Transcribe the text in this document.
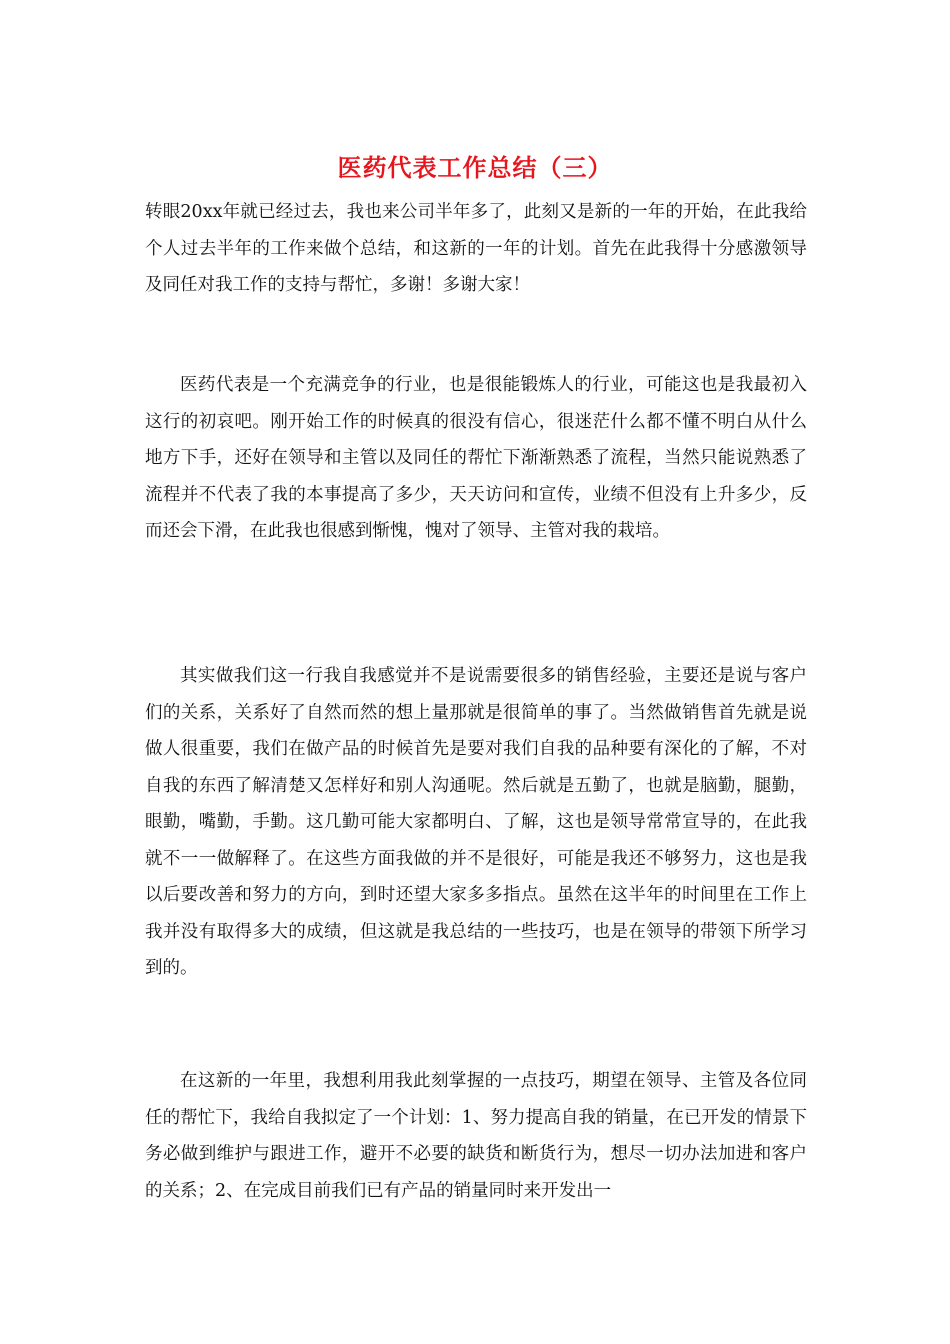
医药代表工作总结（三）

转眼20xx年就已经过去，我也来公司半年多了，此刻又是新的一年的开始，在此我给个人过去半年的工作来做个总结，和这新的一年的计划。首先在此我得十分感激领导及同任对我工作的支持与帮忙，多谢！多谢大家！

医药代表是一个充满竞争的行业，也是很能锻炼人的行业，可能这也是我最初入这行的初哀吧。刚开始工作的时候真的很没有信心，很迷茫什么都不懂不明白从什么地方下手，还好在领导和主管以及同任的帮忙下渐渐熟悉了流程，当然只能说熟悉了流程并不代表了我的本事提高了多少，天天访问和宣传，业绩不但没有上升多少，反而还会下滑，在此我也很感到惭愧，愧对了领导、主管对我的栽培。

其实做我们这一行我自我感觉并不是说需要很多的销售经验，主要还是说与客户们的关系，关系好了自然而然的想上量那就是很简单的事了。当然做销售首先就是说做人很重要，我们在做产品的时候首先是要对我们自我的品种要有深化的了解，不对自我的东西了解清楚又怎样好和别人沟通呢。然后就是五勤了，也就是脑勤，腿勤，眼勤，嘴勤，手勤。这几勤可能大家都明白、了解，这也是领导常常宣导的，在此我就不一一做解释了。在这些方面我做的并不是很好，可能是我还不够努力，这也是我以后要改善和努力的方向，到时还望大家多多指点。虽然在这半年的时间里在工作上我并没有取得多大的成绩，但这就是我总结的一些技巧，也是在领导的带领下所学习到的。

在这新的一年里，我想利用我此刻掌握的一点技巧，期望在领导、主管及各位同任的帮忙下，我给自我拟定了一个计划：1、努力提高自我的销量，在已开发的情景下务必做到维护与跟进工作，避开不必要的缺货和断货行为，想尽一切办法加进和客户的关系；2、在完成目前我们已有产品的销量同时来开发出一
